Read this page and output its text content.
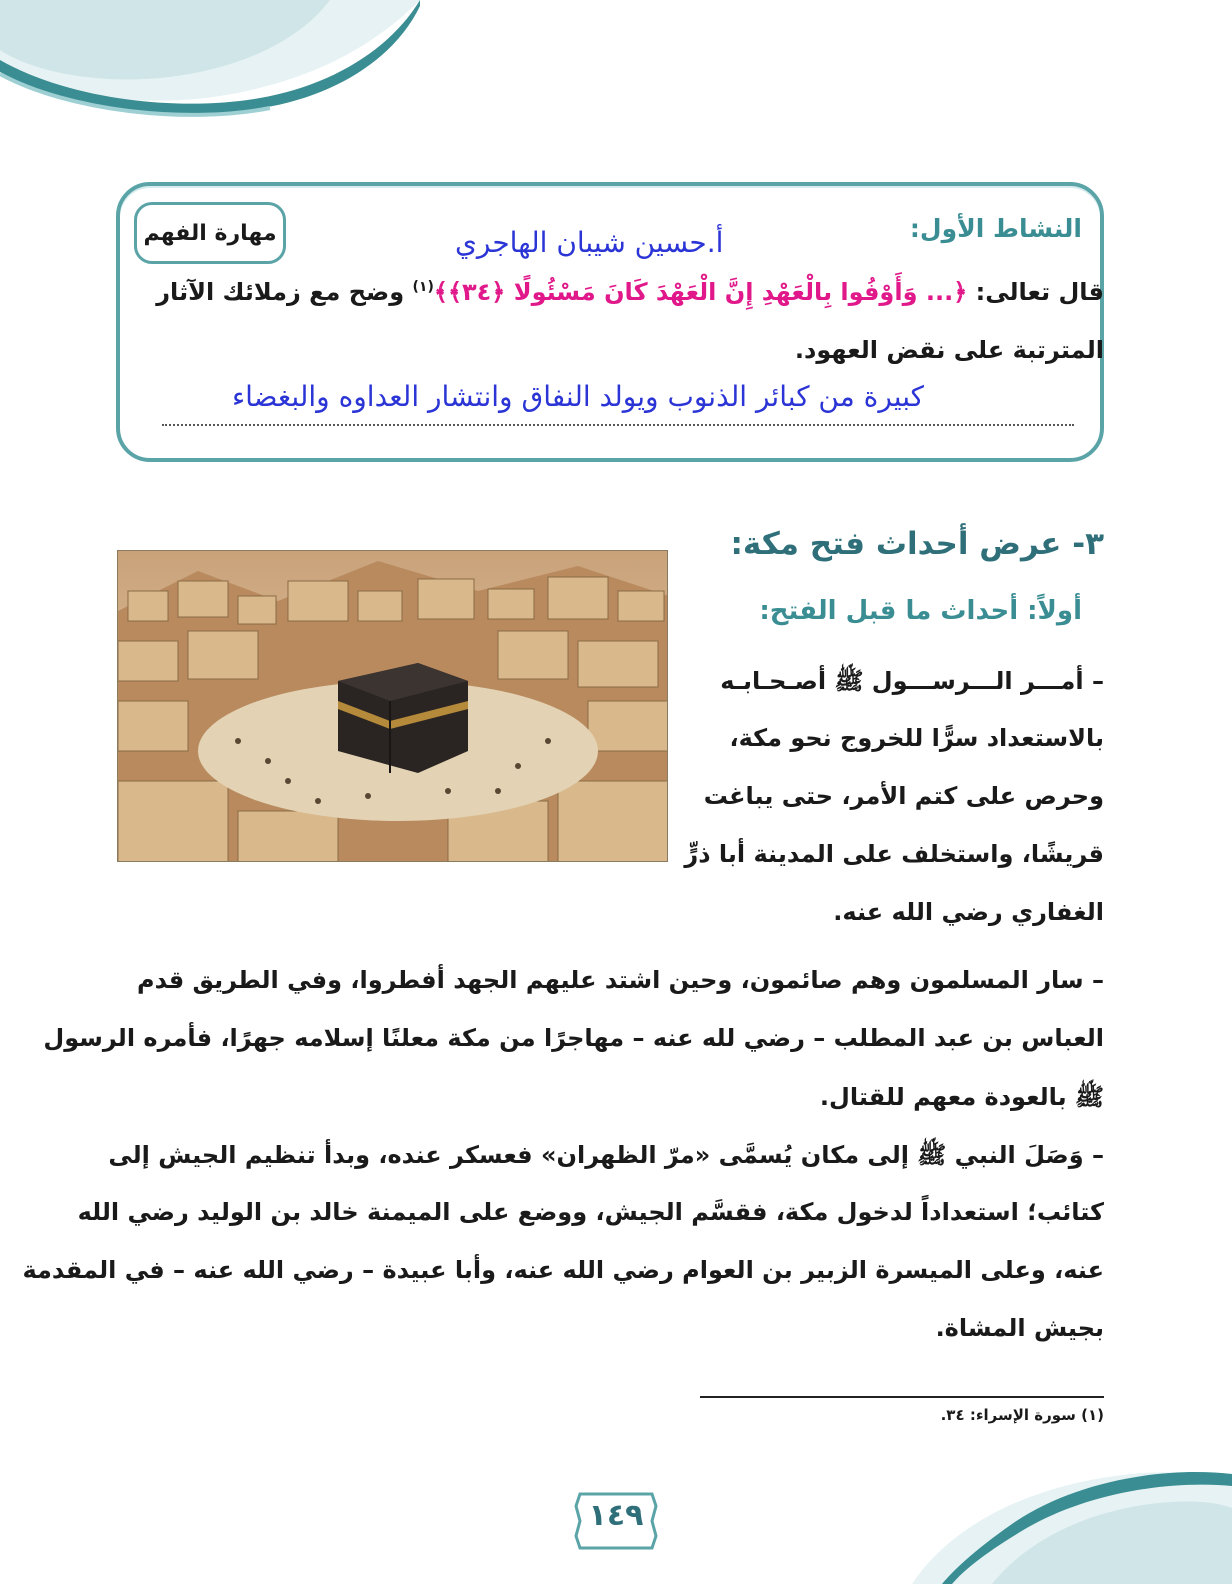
النشاط الأول:
مهارة الفهم	أ.حسين شيبان الهاجري
قال تعالى: ﴿... وَأَوْفُوا بِالْعَهْدِ إِنَّ الْعَهْدَ كَانَ مَسْئُولًا ﴿٣٤﴾﴾$^{(١)}$ وضح مع زملائك الآثار
المترتبة على نقض العهود.
كبيرة من كبائر الذنوب ويولد النفاق وانتشار العداوه والبغضاء
٣- عرض أحداث فتح مكة:
أولاً: أحداث ما قبل الفتح:
– أمـــر الـــرســـول ﷺ أصـحـابـه
بالاستعداد سرًّا للخروج نحو مكة،
وحرص على كتم الأمر، حتى يباغت
قريشًا، واستخلف على المدينة أبا ذرٍّ
الغفاري رضي الله عنه.
– سار المسلمون وهم صائمون، وحين اشتد عليهم الجهد أفطروا، وفي الطريق قدم
العباس بن عبد المطلب – رضي لله عنه – مهاجرًا من مكة معلنًا إسلامه جهرًا، فأمره الرسول
ﷺ بالعودة معهم للقتال.
– وَصَلَ النبي ﷺ إلى مكان يُسمَّى «مرّ الظهران» فعسكر عنده، وبدأ تنظيم الجيش إلى
كتائب؛ استعداداً لدخول مكة، فقسَّم الجيش، ووضع على الميمنة خالد بن الوليد رضي الله
عنه، وعلى الميسرة الزبير بن العوام رضي الله عنه، وأبا عبيدة – رضي الله عنه – في المقدمة
بجيش المشاة.
(١) سورة الإسراء: ٣٤.
١٤٩
